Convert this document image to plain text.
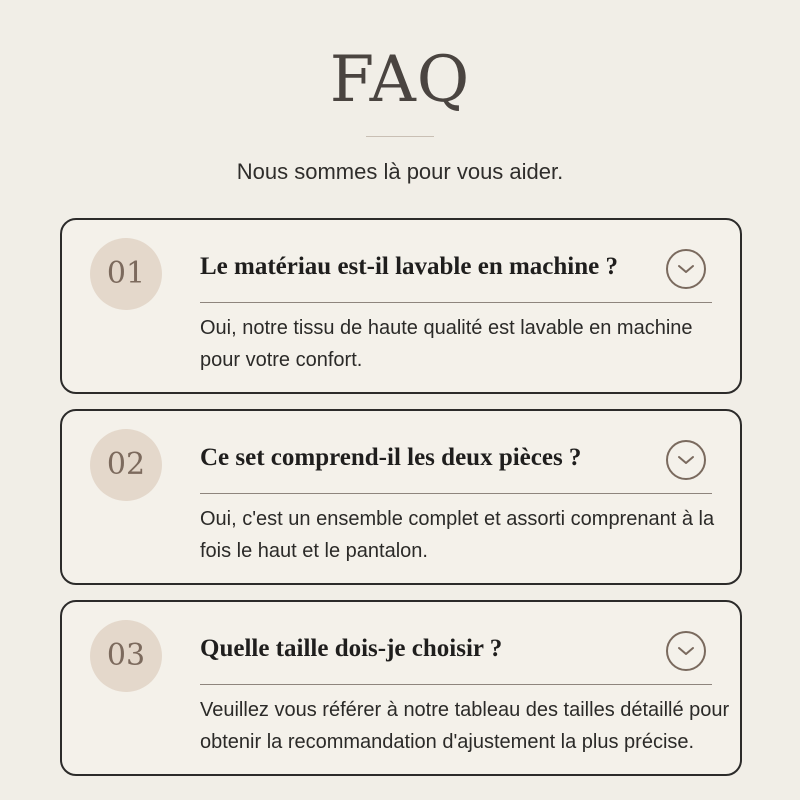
FAQ
Nous sommes là pour vous aider.
01	Le matériau est-il lavable en machine ?
Oui, notre tissu de haute qualité est lavable en machine pour votre confort.
02	Ce set comprend-il les deux pièces ?
Oui, c'est un ensemble complet et assorti comprenant à la fois le haut et le pantalon.
03	Quelle taille dois-je choisir ?
Veuillez vous référer à notre tableau des tailles détaillé pour obtenir la recommandation d'ajustement la plus précise.
